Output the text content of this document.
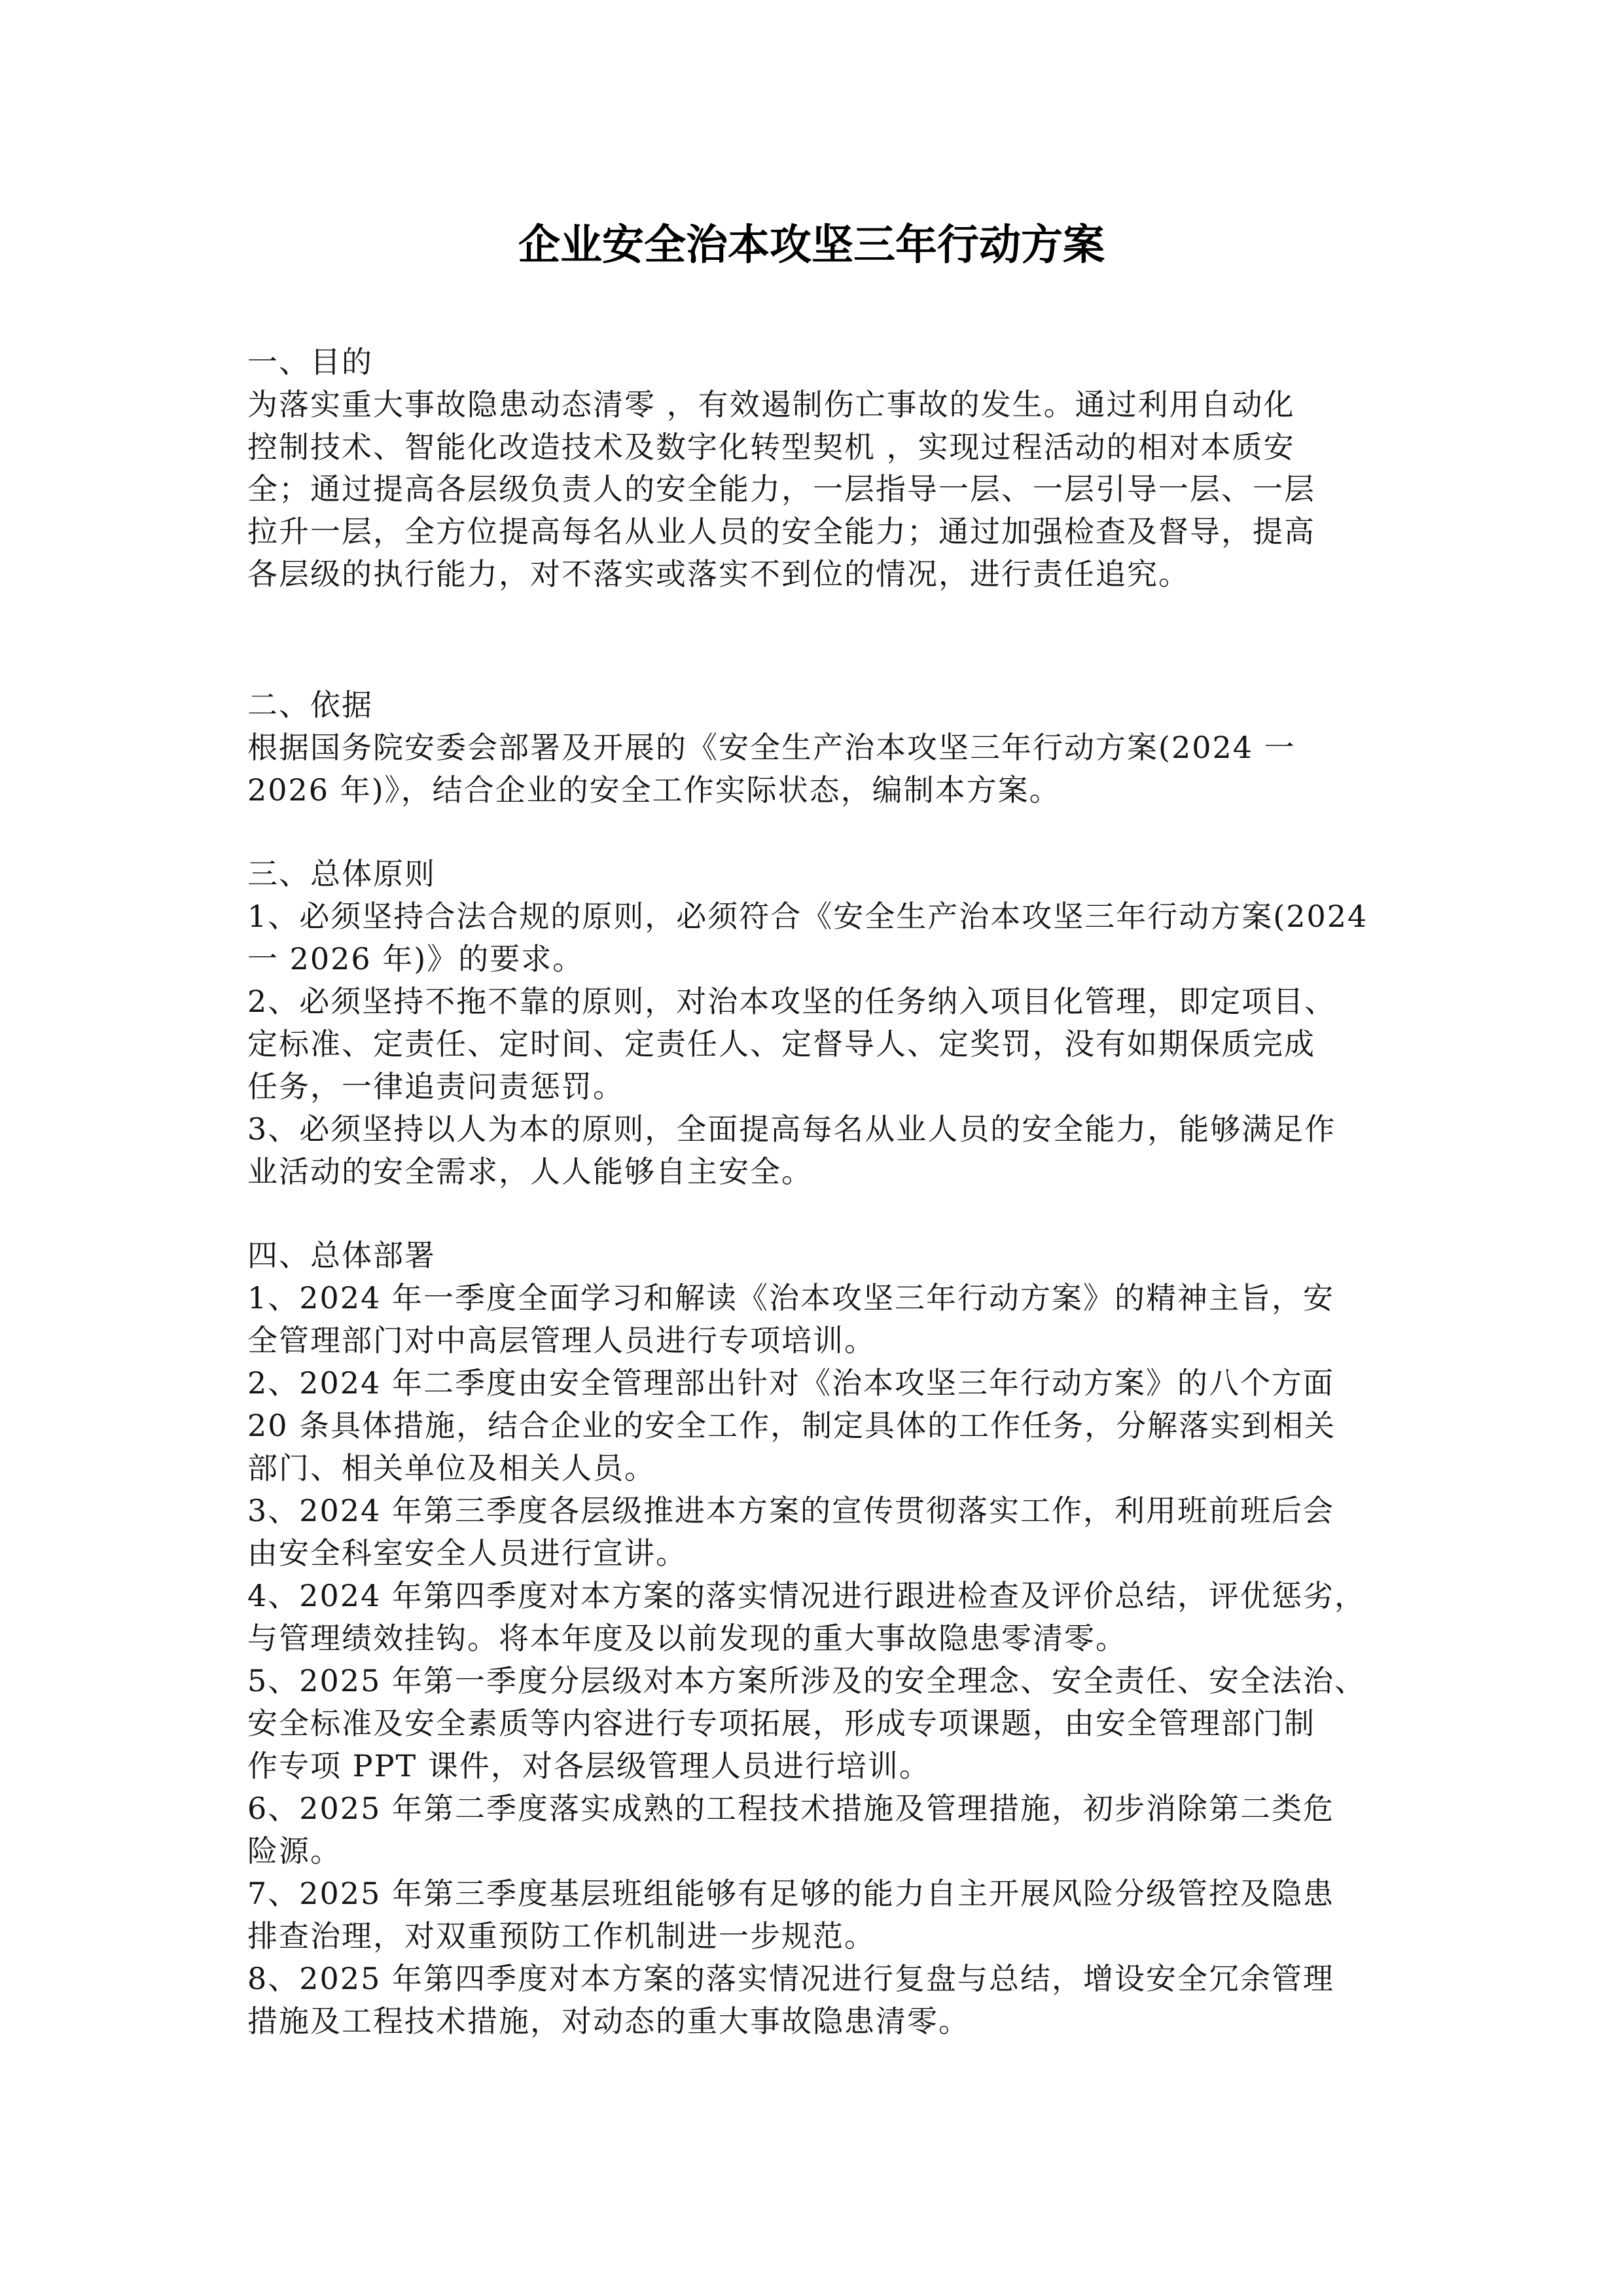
企业安全治本攻坚三年行动方案

一、目的

为落实重大事故隐患动态清零 ，有效遏制伤亡事故的发生。通过利用自动化

控制技术、智能化改造技术及数字化转型契机 ，实现过程活动的相对本质安

全；通过提高各层级负责人的安全能力，一层指导一层、一层引导一层、一层

拉升一层，全方位提高每名从业人员的安全能力；通过加强检查及督导，提高

各层级的执行能力，对不落实或落实不到位的情况，进行责任追究。

二、依据

根据国务院安委会部署及开展的《安全生产治本攻坚三年行动方案(2024 一

2026 年)》，结合企业的安全工作实际状态，编制本方案。

三、总体原则

1、必须坚持合法合规的原则，必须符合《安全生产治本攻坚三年行动方案(2024

一 2026 年)》的要求。

2、必须坚持不拖不靠的原则，对治本攻坚的任务纳入项目化管理，即定项目、

定标准、定责任、定时间、定责任人、定督导人、定奖罚，没有如期保质完成

任务，一律追责问责惩罚。

3、必须坚持以人为本的原则，全面提高每名从业人员的安全能力，能够满足作

业活动的安全需求，人人能够自主安全。

四、总体部署

1、2024 年一季度全面学习和解读《治本攻坚三年行动方案》的精神主旨，安

全管理部门对中高层管理人员进行专项培训。

2、2024 年二季度由安全管理部出针对《治本攻坚三年行动方案》的八个方面

20 条具体措施，结合企业的安全工作，制定具体的工作任务，分解落实到相关

部门、相关单位及相关人员。

3、2024 年第三季度各层级推进本方案的宣传贯彻落实工作，利用班前班后会

由安全科室安全人员进行宣讲。

4、2024 年第四季度对本方案的落实情况进行跟进检查及评价总结，评优惩劣，

与管理绩效挂钩。将本年度及以前发现的重大事故隐患零清零。

5、2025 年第一季度分层级对本方案所涉及的安全理念、安全责任、安全法治、

安全标准及安全素质等内容进行专项拓展，形成专项课题，由安全管理部门制

作专项 PPT 课件，对各层级管理人员进行培训。

6、2025 年第二季度落实成熟的工程技术措施及管理措施，初步消除第二类危

险源。

7、2025 年第三季度基层班组能够有足够的能力自主开展风险分级管控及隐患

排查治理，对双重预防工作机制进一步规范。

8、2025 年第四季度对本方案的落实情况进行复盘与总结，增设安全冗余管理

措施及工程技术措施，对动态的重大事故隐患清零。
